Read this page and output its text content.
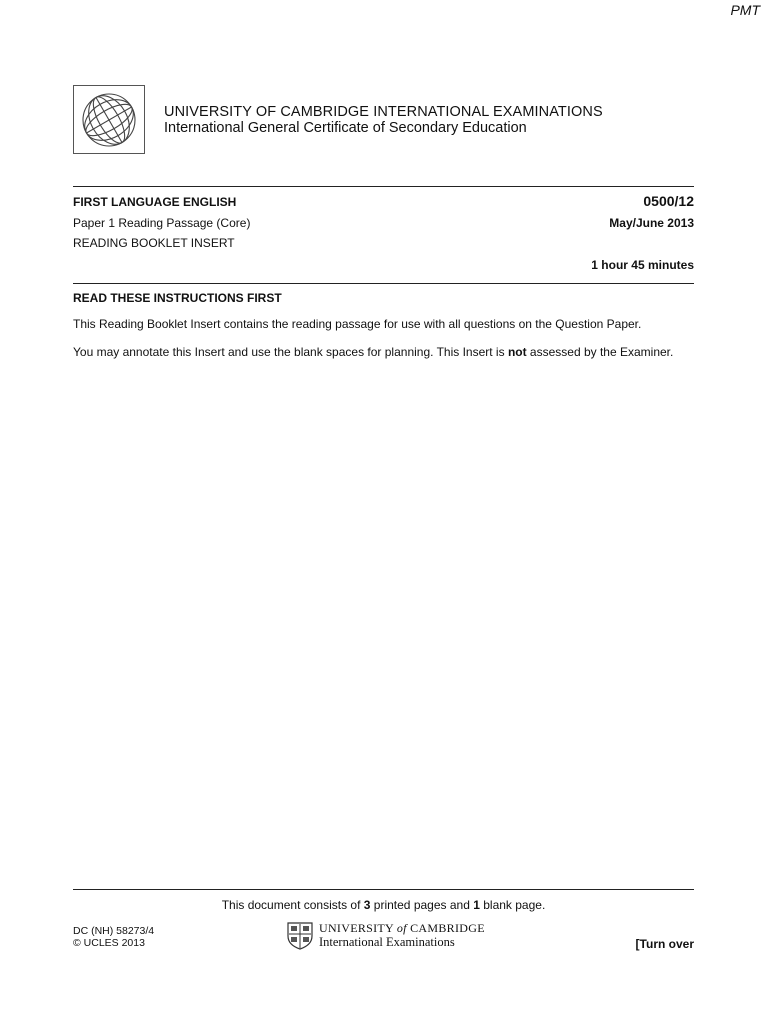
PMT
UNIVERSITY OF CAMBRIDGE INTERNATIONAL EXAMINATIONS
International General Certificate of Secondary Education
FIRST LANGUAGE ENGLISH	0500/12
Paper 1 Reading Passage (Core)	May/June 2013
READING BOOKLET INSERT
1 hour 45 minutes
READ THESE INSTRUCTIONS FIRST
This Reading Booklet Insert contains the reading passage for use with all questions on the Question Paper.
You may annotate this Insert and use the blank spaces for planning. This Insert is not assessed by the Examiner.
This document consists of 3 printed pages and 1 blank page.
DC (NH) 58273/4
© UCLES 2013
UNIVERSITY of CAMBRIDGE
International Examinations	[Turn over
